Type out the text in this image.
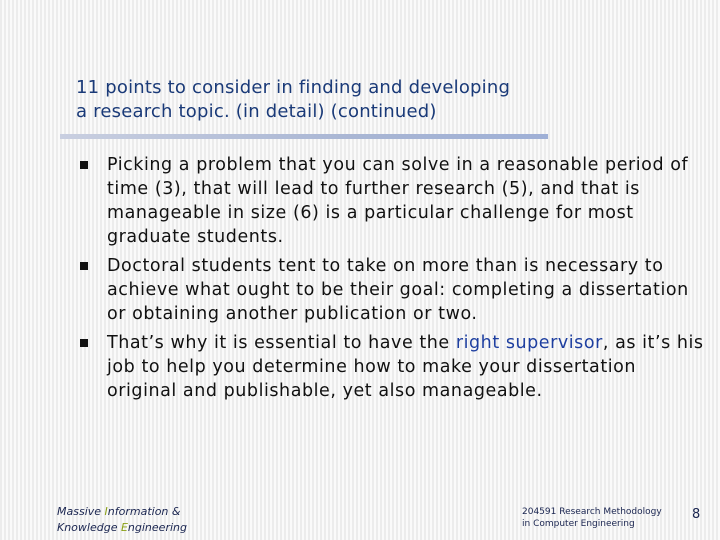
11 points to consider in finding and developing
a research topic. (in detail) (continued)
Picking a problem that you can solve in a reasonable period of time (3), that will lead to further research (5), and that is manageable in size (6) is a particular challenge for most graduate students.
Doctoral students tent to take on more than is necessary to achieve what ought to be their goal: completing a dissertation or obtaining another publication or two.
That’s why it is essential to have the right supervisor, as it’s his job to help you determine how to make your dissertation original and publishable, yet also manageable.
Massive Information &
Knowledge Engineering
204591 Research Methodology
in Computer Engineering
8
